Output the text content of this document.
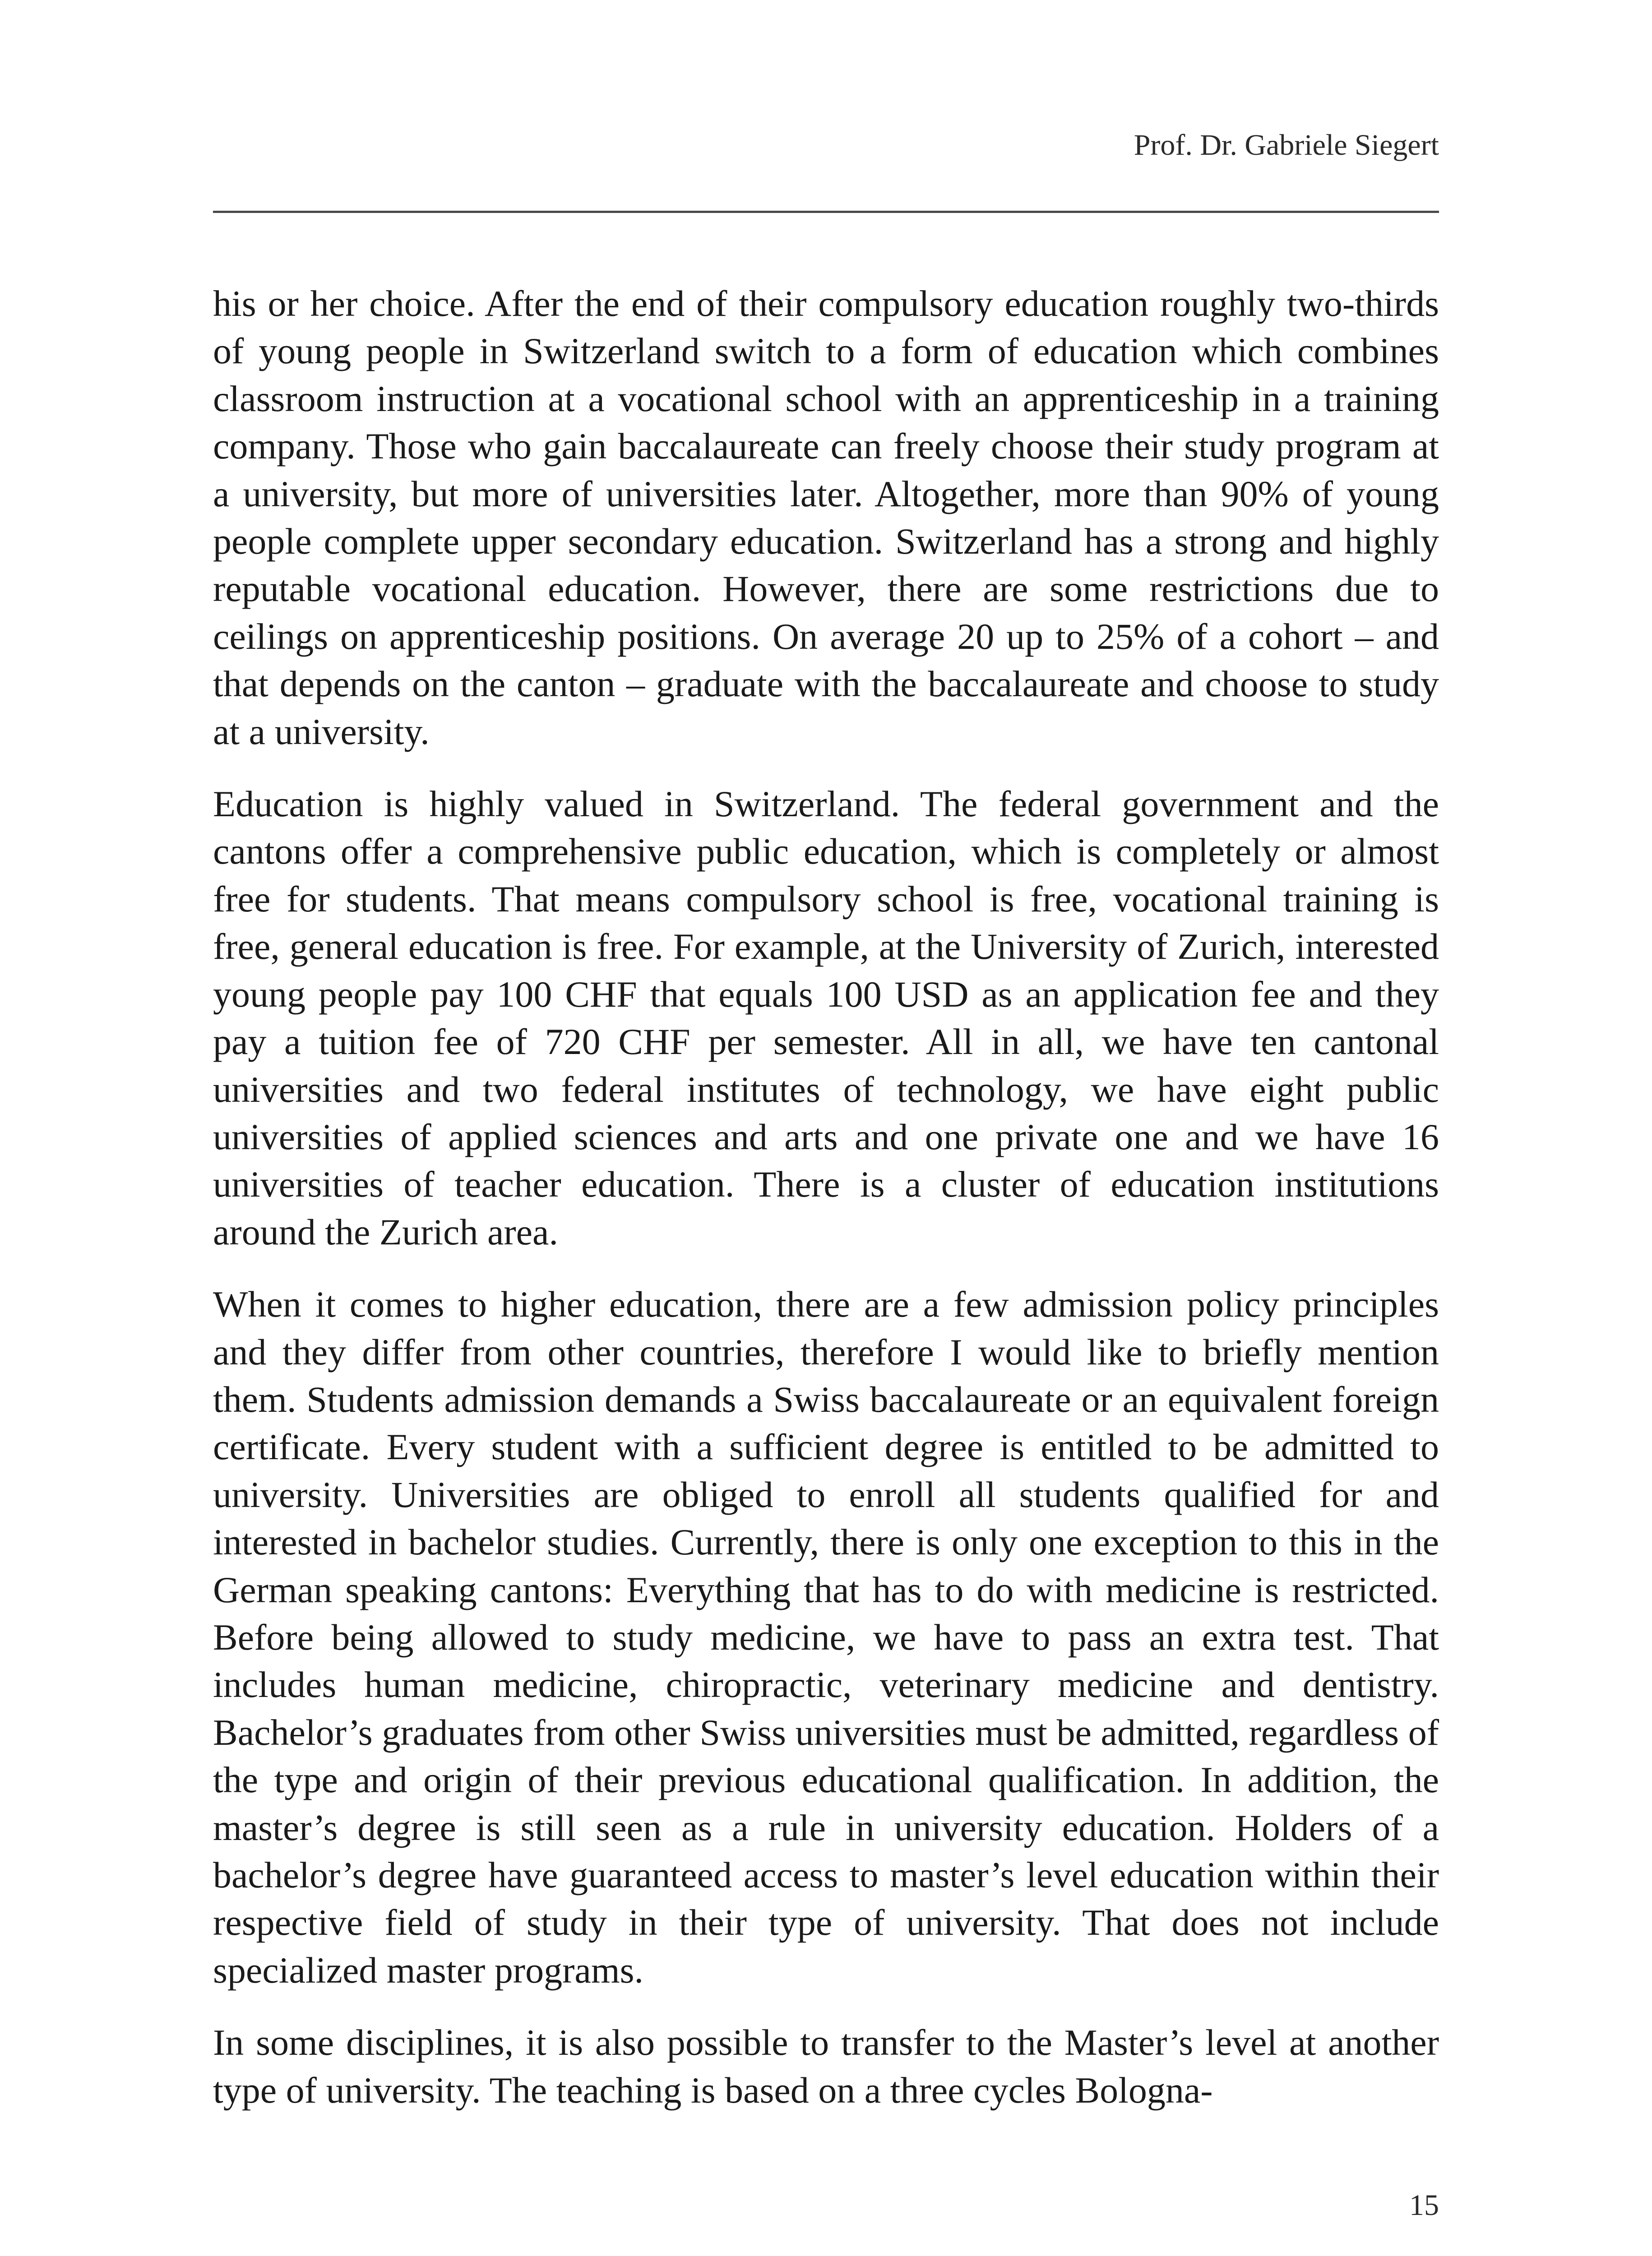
Prof. Dr. Gabriele Siegert

his or her choice. After the end of their compulsory education roughly two-thirds of young people in Switzerland switch to a form of education which combines classroom instruction at a vocational school with an apprenticeship in a training company. Those who gain baccalaureate can freely choose their study program at a university, but more of universities later. Altogether, more than 90% of young people complete upper secondary education. Switzerland has a strong and highly reputable vocational education. However, there are some restrictions due to ceilings on apprenticeship positions. On average 20 up to 25% of a cohort – and that depends on the canton – graduate with the baccalaureate and choose to study at a university.

Education is highly valued in Switzerland. The federal government and the cantons offer a comprehensive public education, which is completely or almost free for students. That means compulsory school is free, vocational training is free, general education is free. For example, at the University of Zurich, interested young people pay 100 CHF that equals 100 USD as an application fee and they pay a tuition fee of 720 CHF per semester. All in all, we have ten cantonal universities and two federal institutes of technology, we have eight public universities of applied sciences and arts and one private one and we have 16 universities of teacher education. There is a cluster of education institutions around the Zurich area.

When it comes to higher education, there are a few admission policy principles and they differ from other countries, therefore I would like to briefly mention them. Students admission demands a Swiss baccalaureate or an equivalent foreign certificate. Every student with a sufficient degree is entitled to be admitted to university. Universities are obliged to enroll all students qualified for and interested in bachelor studies. Currently, there is only one exception to this in the German speaking cantons: Everything that has to do with medicine is restricted. Before being allowed to study medicine, we have to pass an extra test. That includes human medicine, chiropractic, veterinary medicine and dentistry. Bachelor’s graduates from other Swiss universities must be admitted, regardless of the type and origin of their previous educational qualification. In addition, the master’s degree is still seen as a rule in university education. Holders of a bachelor’s degree have guaranteed access to master’s level education within their respective field of study in their type of university. That does not include specialized master programs.

In some disciplines, it is also possible to transfer to the Master’s level at another type of university. The teaching is based on a three cycles Bologna-

15
